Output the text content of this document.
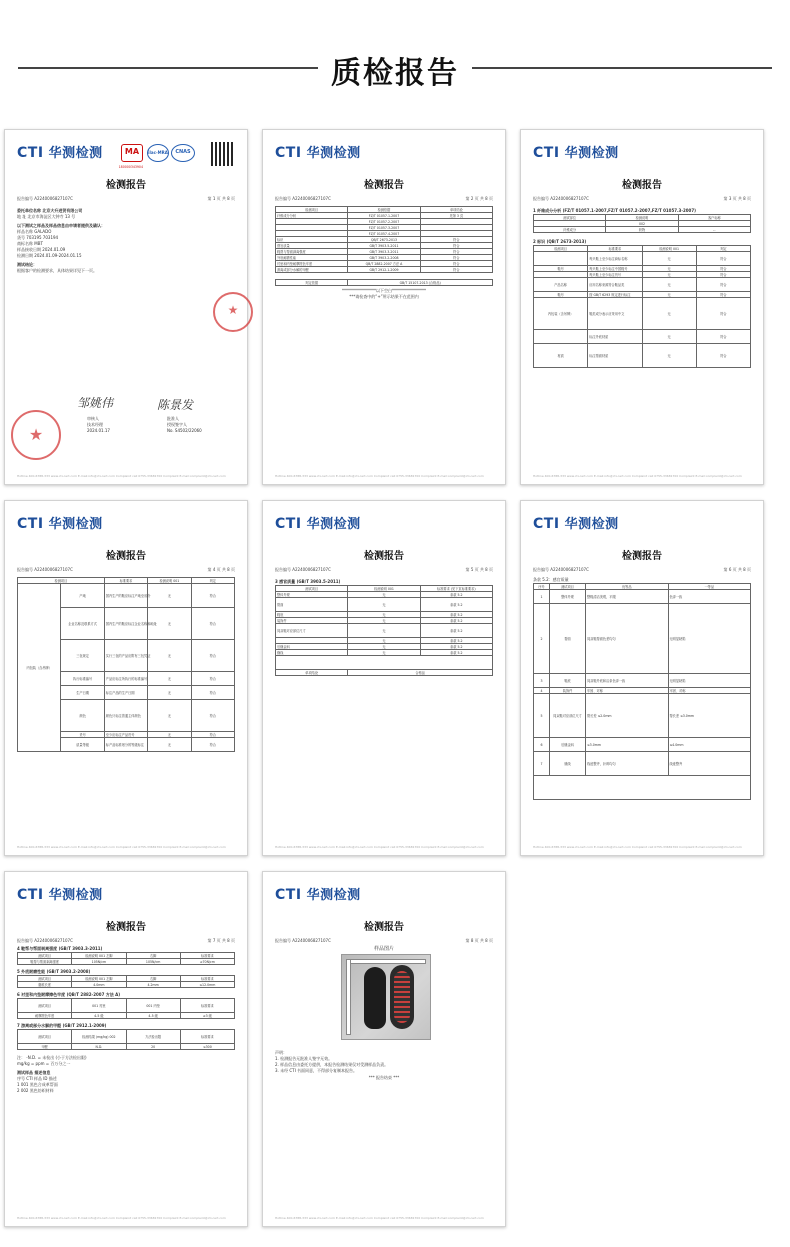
质检报告
CTI 华测检测	MA	ilac-MRA	CNAS
180000343904
检测报告
报告编号 A2240006827107C	第 1 页 共 8 页
委托单位名称 北京大升进贸有限公司
地 址 北京市海淀区大钟寺 13 号
以下测试之样品及样品信息由申请者提供及确认：
样品名称 GALADO
货号 703195 703194
商标名称 MBT
样品接收日期 2024.01.09
检测日期 2024.01.09-2024.01.15
测试结论：
根据客户的检测要求，具体结果详见下一页。
★
★
邹姚伟	陈景发
审核人
技术经理
2024.01.17
批准人
授权签字人
No. S4502/22060
Hotline 400-6788-333 www.cti-cert.com E-mail:info@cti-cert.com Complaint call 0755-33681700 Complaint E-mail:complaint@cti-cert.com
CTI 华测检测
检测报告
报告编号 A2240006827107C	第 2 页 共 8 页
检测项目	检测依据	单项结论
纤维成分分析	FZ/T 01057.1-2007	见第 3 页
	FZ/T 01057.2-2007	
	FZ/T 01057.3-2007	
	FZ/T 01057.4-2007	
标识	QB/T 2673-2013	符合
感官质量	GB/T 3903.5-2011	符合
鞋帮与帮面剥离强度	GB/T 3903.3-2011	符合
外底耐磨性能	GB/T 3903.2-2008	符合
衬里和内垫耐摩擦色牢度	QB/T 2882-2007 方法 A	符合
游离或部分水解的甲醛	GB/T 2912.1-2009	符合
判定依据	GB/T 15107-2013 (合格品)
*****************以下空白*****************
***请检查中的“+”所示结果不在范围内
Hotline 400-6788-333 www.cti-cert.com E-mail:info@cti-cert.com Complaint call 0755-33681700 Complaint E-mail:complaint@cti-cert.com
CTI 华测检测
检测报告
报告编号 A2240006827107C	第 3 页 共 8 页
1 纤维成分分析 (FZ/T 01057.1-2007,FZ/T 01057.2-2007,FZ/T 01057.3-2007)
测试部位	检测说明	客户标称
	002	
纤维成分	织物	--
2 标识 (QB/T 2673-2013)
检测项目	标准要求	检测说明 001	判定
	每只鞋上至少标注商标名称	无	符合
鞋号	每只鞋上至少标注中国鞋号	无	符合
	每只鞋上至少标注货号	无	符合
产品名称	应用名称来源符合鞋品类	无	符合
鞋号	按 GB/T 6293 规定进行标注	无	符合
内包装（含吊牌）	鞋类成分表示应采用中文	无	符合
	标注外底材质	无	符合
材质	标注帮面材质	无	符合
Hotline 400-6788-333 www.cti-cert.com E-mail:info@cti-cert.com Complaint call 0755-33681700 Complaint E-mail:complaint@cti-cert.com
CTI 华测检测
检测报告
报告编号 A2240006827107C	第 4 页 共 8 页
检测项目		标准要求	检测说明 001	判定
内包装（含吊牌）	产地	国内生产的鞋应标注产地至省份	无	符合
	企业名称及联系方式	国内生产的鞋应标注企业名称和地址	无	符合
	三包规定	实行三包的产品应附有三包凭证	无	符合
	执行标准编号	产品应标注所执行的标准编号	无	符合
	生产日期	标注产品的生产日期	无	符合
	颜色	颜色只标注普通主体颜色	无	符合
	货号	至少应标注产品货号	无	符合
	质量等级	标产品标准划分的等级标注	无	符合
Hotline 400-6788-333 www.cti-cert.com E-mail:info@cti-cert.com Complaint call 0755-33681700 Complaint E-mail:complaint@cti-cert.com
CTI 华测检测
检测报告
报告编号 A2240006827107C	第 5 页 共 8 页
3 感官质量 (GB/T 3903.5-2011)
测试项目	检测说明 001	标准要求 (见下页标准要求)
整体外观	无	条款 5.2
帮面	无	条款 5.2
鞋底	无	条款 5.2
装饰件	无	条款 5.2
同双鞋对应部位尺寸	无	条款 5.2
	无	条款 5.2
后缝歪斜	无	条款 5.2
缝线	无	条款 5.2

单项结论	合格品	
Hotline 400-6788-333 www.cti-cert.com E-mail:info@cti-cert.com Complaint call 0755-33681700 Complaint E-mail:complaint@cti-cert.com
CTI 华测检测
检测报告
报告编号 A2240006827107C	第 6 页 共 8 页
条款 5.2：感官质量
序号	测试项目	优等品	一等品
1	整体外观	整鞋清洁美观，平服	色泽一致
2	帮面	同双鞋帮面色差均匀	无明显缺陷
3	鞋底	同双鞋外底和沿条色泽一致	无明显缺陷
4	装饰件	牢固、对称	牢固、对称
5	同双鞋对应部位尺寸	帮长差 ≤2.0mm	帮长差 ≤3.0mm
6	后缝歪斜	≤3.0mm	≤4.0mm
7	缝线	线迹整齐，针码均匀	线迹整齐

Hotline 400-6788-333 www.cti-cert.com E-mail:info@cti-cert.com Complaint call 0755-33681700 Complaint E-mail:complaint@cti-cert.com
CTI 华测检测
检测报告
报告编号 A2240006827107C	第 7 页 共 8 页
4 鞋帮与帮面剥离强度 (GB/T 3903.3-2011)
测试项目	检测说明 001 左脚	右脚	标准要求
鞋帮与帮面剥离强度	105N/cm	105N/cm	≥70N/cm
5 外底耐磨性能 (GB/T 3903.2-2008)
测试项目	检测说明 001 左脚	右脚	标准要求
磨痕长度	4.0mm	4.2mm	≤12.0mm
6 衬里和内垫耐摩擦色牢度 (QB/T 2882-2007 方法 A)
测试项目	001 衬里	001 内垫	标准要求
耐摩擦色牢度	4-5 级	4-5 级	≥3 级
7 游离或部分水解的甲醛 (GB/T 2912.1-2009)
测试项目	检测结果 (mg/kg) 002	方法检出限	标准要求
甲醛	N.D.	20	≤300
注： -N.D. = 未检出 (小于方法检出限)
mg/kg = ppm = 百万分之一
测试样品 描述信息
序号 CTI 样品 ID 描述
1 001 黑色合成革帮面
2 002 黑色纺织材料
Hotline 400-6788-333 www.cti-cert.com E-mail:info@cti-cert.com Complaint call 0755-33681700 Complaint E-mail:complaint@cti-cert.com
CTI 华测检测
检测报告
报告编号 A2240006827107C	第 8 页 共 8 页
样品图片
声明：
1. 检测报告无批准人签字无效。
2. 样品信息由委托方提供，本报告检测结果仅对受测样品负责。
3. 未经 CTI 书面同意，不得部分复制本报告。
*** 报告结束 ***
Hotline 400-6788-333 www.cti-cert.com E-mail:info@cti-cert.com Complaint call 0755-33681700 Complaint E-mail:complaint@cti-cert.com
